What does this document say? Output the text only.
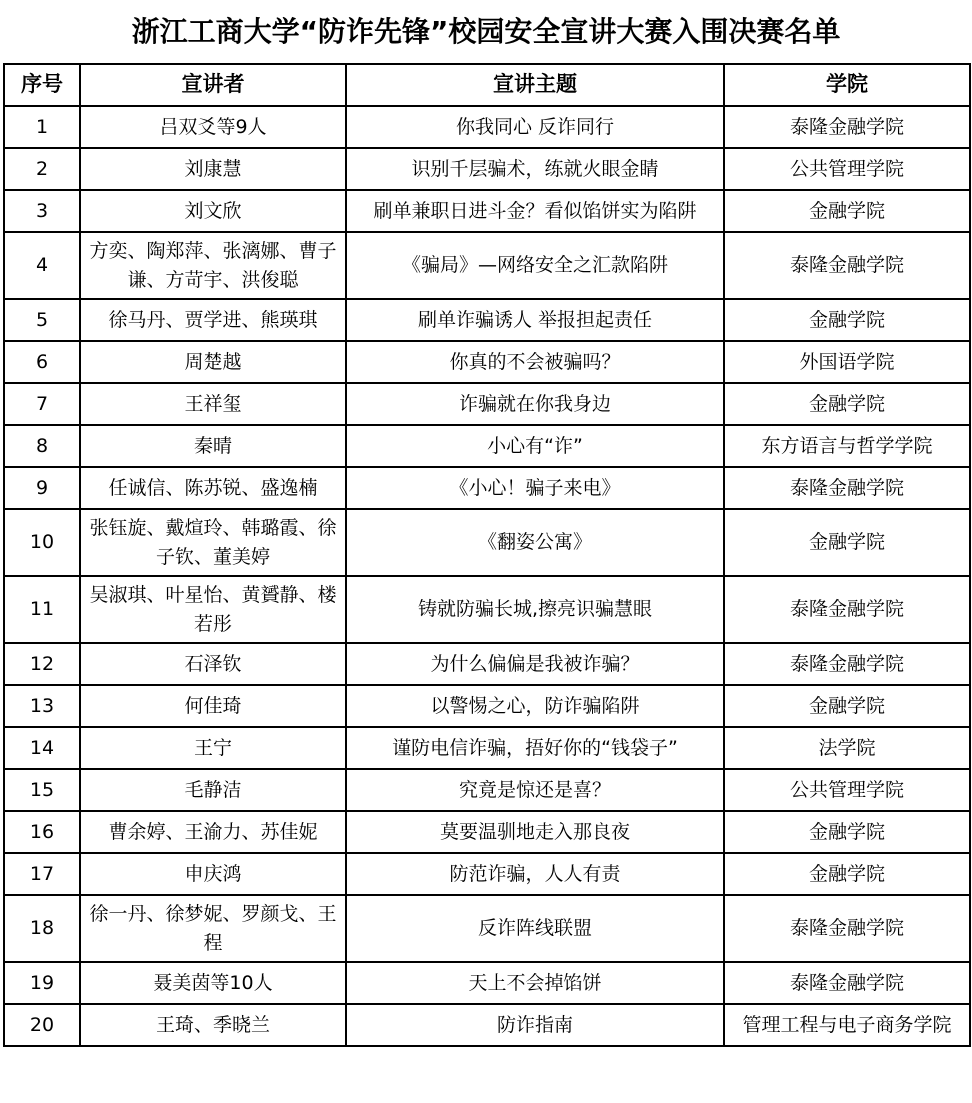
浙江工商大学“防诈先锋”校园安全宣讲大赛入围决赛名单
序号	宣讲者	宣讲主题	学院

1	吕双爻等9人	你我同心 反诈同行	泰隆金融学院

2	刘康慧	识别千层骗术，练就火眼金睛	公共管理学院

3	刘文欣	刷单兼职日进斗金？看似馅饼实为陷阱	金融学院

4	方奕、陶郑萍、张漓娜、曹子谦、方苛宇、洪俊聪	《骗局》—网络安全之汇款陷阱	泰隆金融学院

5	徐马丹、贾学进、熊瑛琪	刷单诈骗诱人 举报担起责任	金融学院

6	周楚越	你真的不会被骗吗？	外国语学院

7	王祥玺	诈骗就在你我身边	金融学院

8	秦晴	小心有“诈”	东方语言与哲学学院

9	任诚信、陈苏锐、盛逸楠	《小心！骗子来电》	泰隆金融学院

10	张钰旋、戴煊玲、韩璐霞、徐子钦、董美婷	《翻姿公寓》	金融学院

11	吴淑琪、叶星怡、黄贇静、楼若彤	铸就防骗长城,擦亮识骗慧眼	泰隆金融学院

12	石泽钦	为什么偏偏是我被诈骗？	泰隆金融学院

13	何佳琦	以警惕之心，防诈骗陷阱	金融学院

14	王宁	谨防电信诈骗，捂好你的“钱袋子”	法学院

15	毛静洁	究竟是惊还是喜？	公共管理学院

16	曹余婷、王渝力、苏佳妮	莫要温驯地走入那良夜	金融学院

17	申庆鸿	防范诈骗，人人有责	金融学院

18	徐一丹、徐梦妮、罗颜戈、王程	反诈阵线联盟	泰隆金融学院

19	聂美茵等10人	天上不会掉馅饼	泰隆金融学院

20	王琦、季晓兰	防诈指南	管理工程与电子商务学院
